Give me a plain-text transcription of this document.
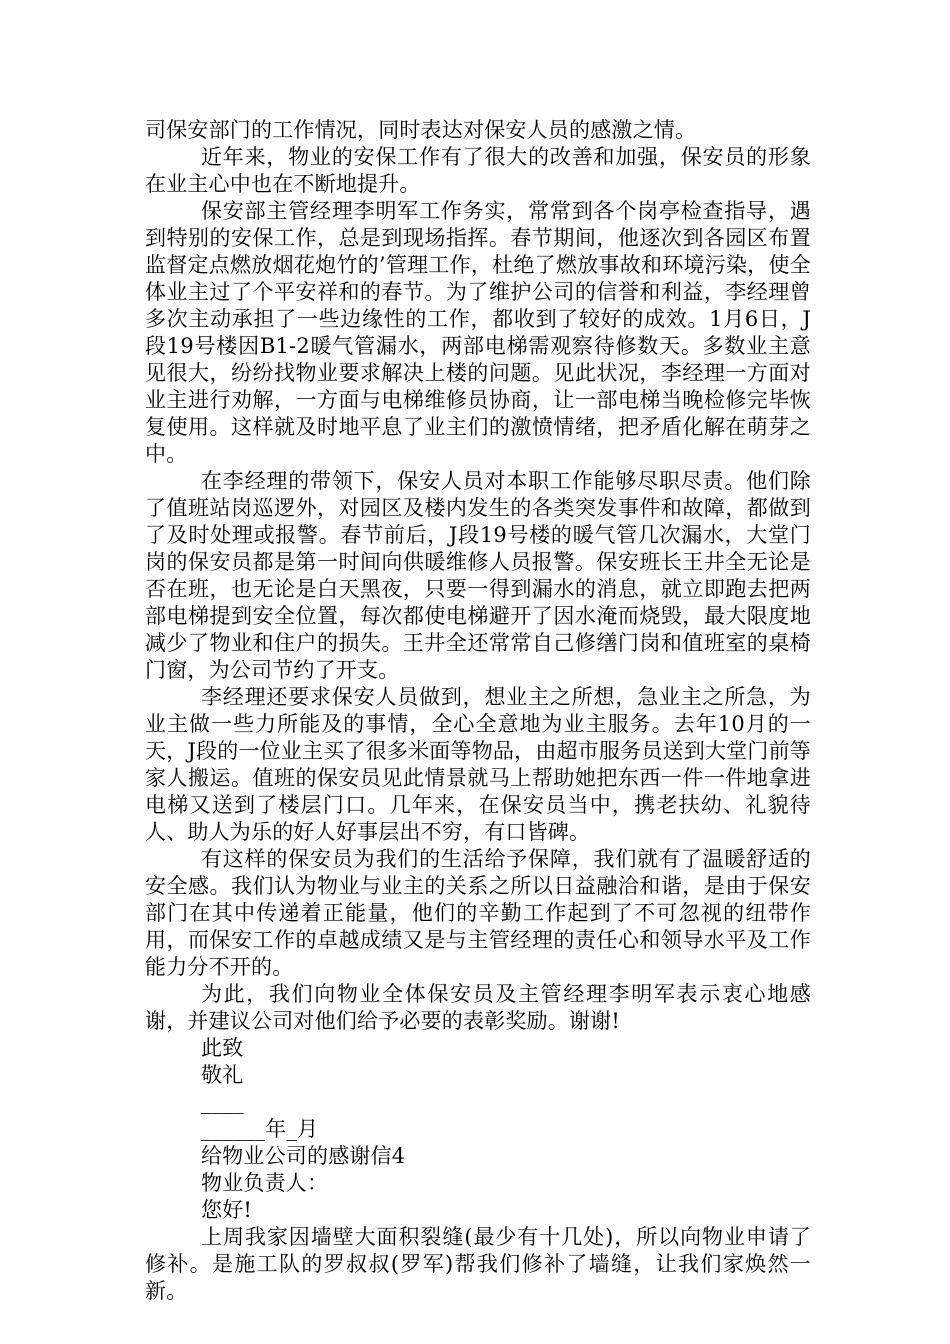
司保安部门的工作情况，同时表达对保安人员的感激之情。

近年来，物业的安保工作有了很大的改善和加强，保安员的形象在业主心中也在不断地提升。

保安部主管经理李明军工作务实，常常到各个岗亭检查指导，遇到特别的安保工作，总是到现场指挥。春节期间，他逐次到各园区布置监督定点燃放烟花炮竹的’管理工作，杜绝了燃放事故和环境污染，使全体业主过了个平安祥和的春节。为了维护公司的信誉和利益，李经理曾多次主动承担了一些边缘性的工作，都收到了较好的成效。1月6日，J段19号楼因B1-2暖气管漏水，两部电梯需观察待修数天。多数业主意见很大，纷纷找物业要求解决上楼的问题。见此状况，李经理一方面对业主进行劝解，一方面与电梯维修员协商，让一部电梯当晚检修完毕恢复使用。这样就及时地平息了业主们的激愤情绪，把矛盾化解在萌芽之中。

在李经理的带领下，保安人员对本职工作能够尽职尽责。他们除了值班站岗巡逻外，对园区及楼内发生的各类突发事件和故障，都做到了及时处理或报警。春节前后，J段19号楼的暖气管几次漏水，大堂门岗的保安员都是第一时间向供暖维修人员报警。保安班长王井全无论是否在班，也无论是白天黑夜，只要一得到漏水的消息，就立即跑去把两部电梯提到安全位置，每次都使电梯避开了因水淹而烧毁，最大限度地减少了物业和住户的损失。王井全还常常自己修缮门岗和值班室的桌椅门窗，为公司节约了开支。

李经理还要求保安人员做到，想业主之所想，急业主之所急，为业主做一些力所能及的事情，全心全意地为业主服务。去年10月的一天，J段的一位业主买了很多米面等物品，由超市服务员送到大堂门前等家人搬运。值班的保安员见此情景就马上帮助她把东西一件一件地拿进电梯又送到了楼层门口。几年来，在保安员当中，携老扶幼、礼貌待人、助人为乐的好人好事层出不穷，有口皆碑。

有这样的保安员为我们的生活给予保障，我们就有了温暖舒适的安全感。我们认为物业与业主的关系之所以日益融洽和谐，是由于保安部门在其中传递着正能量，他们的辛勤工作起到了不可忽视的纽带作用，而保安工作的卓越成绩又是与主管经理的责任心和领导水平及工作能力分不开的。

为此，我们向物业全体保安员及主管经理李明军表示衷心地感谢，并建议公司对他们给予必要的表彰奖励。谢谢!

此致

敬礼

____

______年_月

给物业公司的感谢信4

物业负责人：

您好!

上周我家因墙壁大面积裂缝(最少有十几处)，所以向物业申请了修补。是施工队的罗叔叔(罗军)帮我们修补了墙缝，让我们家焕然一新。
